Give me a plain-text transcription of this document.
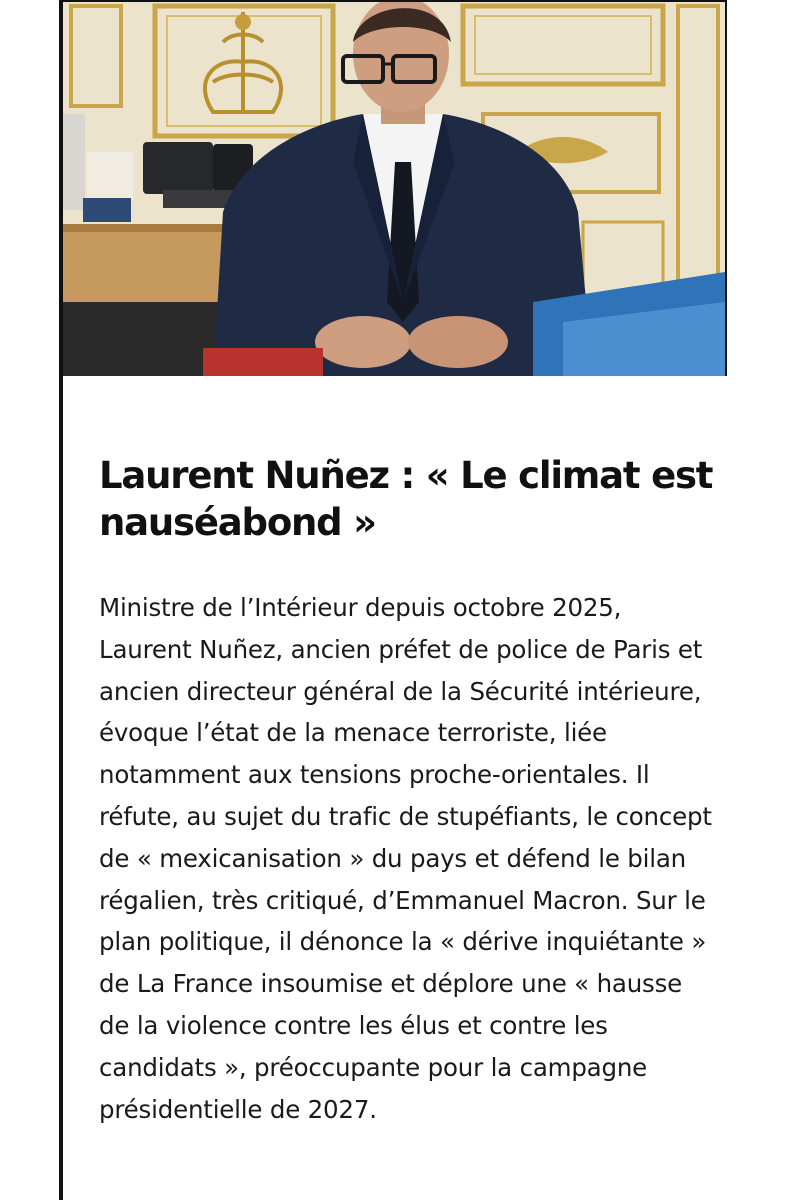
Laurent Nuñez : « Le climat est nauséabond »

Ministre de l’Intérieur depuis octobre 2025, Laurent Nuñez, ancien préfet de police de Paris et ancien directeur général de la Sécurité intérieure, évoque l’état de la menace terroriste, liée notamment aux tensions proche-orientales. Il réfute, au sujet du trafic de stupéfiants, le concept de « mexicanisation » du pays et défend le bilan régalien, très critiqué, d’Emmanuel Macron. Sur le plan politique, il dénonce la « dérive inquiétante » de La France insoumise et déplore une « hausse de la violence contre les élus et contre les candidats », préoccupante pour la campagne présidentielle de 2027.
